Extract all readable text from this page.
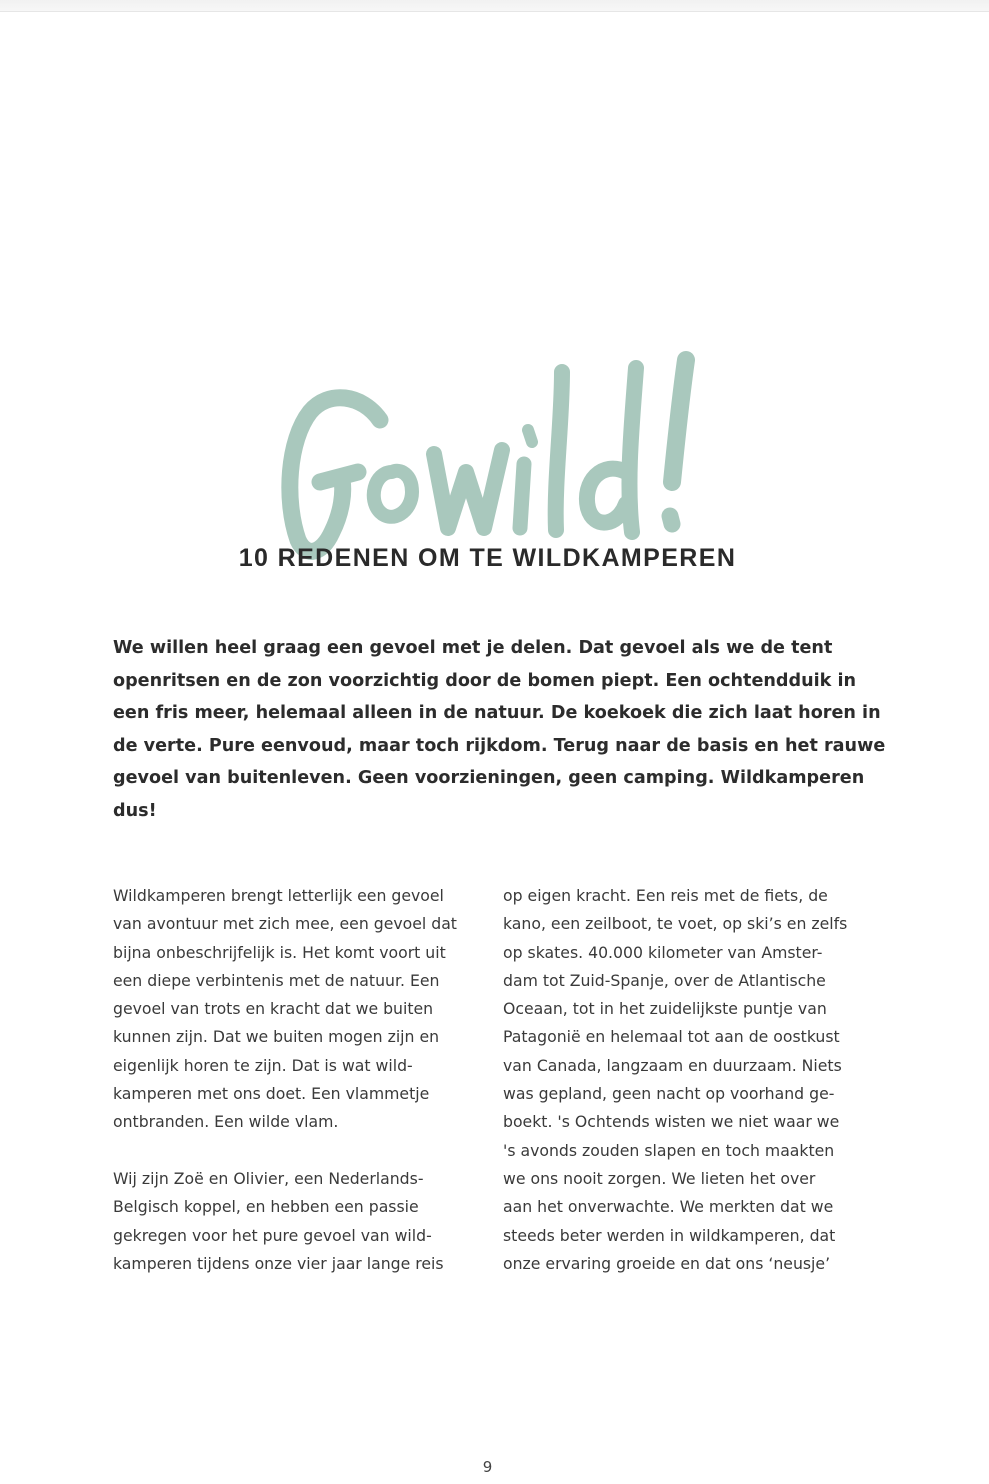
10 REDENEN OM TE WILDKAMPEREN

We willen heel graag een gevoel met je delen. Dat gevoel als we de tent
openritsen en de zon voorzichtig door de bomen piept. Een ochtendduik in
een fris meer, helemaal alleen in de natuur. De koekoek die zich laat horen in
de verte. Pure eenvoud, maar toch rijkdom. Terug naar de basis en het rauwe
gevoel van buitenleven. Geen voorzieningen, geen camping. Wildkamperen
dus!

Wildkamperen brengt letterlijk een gevoel
van avontuur met zich mee, een gevoel dat
bijna onbeschrijfelijk is. Het komt voort uit
een diepe verbintenis met de natuur. Een
gevoel van trots en kracht dat we buiten
kunnen zijn. Dat we buiten mogen zijn en
eigenlijk horen te zijn. Dat is wat wild-
kamperen met ons doet. Een vlammetje
ontbranden. Een wilde vlam.
Wij zijn Zoë en Olivier, een Nederlands-
Belgisch koppel, en hebben een passie
gekregen voor het pure gevoel van wild-
kamperen tijdens onze vier jaar lange reis
op eigen kracht. Een reis met de fiets, de
kano, een zeilboot, te voet, op ski’s en zelfs
op skates. 40.000 kilometer van Amster-
dam tot Zuid-Spanje, over de Atlantische
Oceaan, tot in het zuidelijkste puntje van
Patagonië en helemaal tot aan de oostkust
van Canada, langzaam en duurzaam. Niets
was gepland, geen nacht op voorhand ge-
boekt. 's Ochtends wisten we niet waar we
's avonds zouden slapen en toch maakten
we ons nooit zorgen. We lieten het over
aan het onverwachte. We merkten dat we
steeds beter werden in wildkamperen, dat
onze ervaring groeide en dat ons ‘neusje’
9
